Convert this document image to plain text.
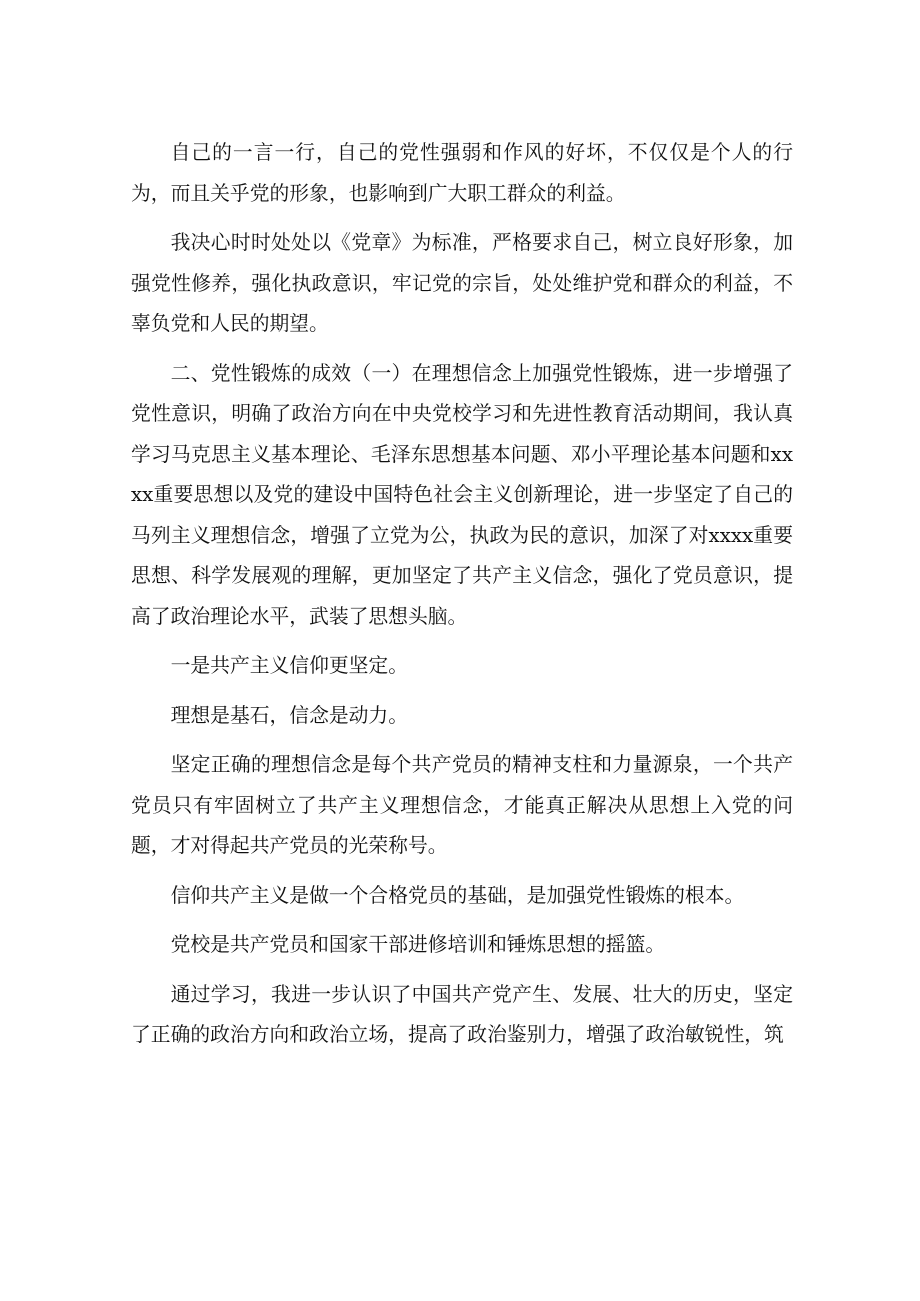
自己的一言一行，自己的党性强弱和作风的好坏，不仅仅是个人的行为，而且关乎党的形象，也影响到广大职工群众的利益。

我决心时时处处以《党章》为标准，严格要求自己，树立良好形象，加强党性修养，强化执政意识，牢记党的宗旨，处处维护党和群众的利益，不辜负党和人民的期望。

二、党性锻炼的成效（一）在理想信念上加强党性锻炼，进一步增强了党性意识，明确了政治方向在中央党校学习和先进性教育活动期间，我认真学习马克思主义基本理论、毛泽东思想基本问题、邓小平理论基本问题和xxxx重要思想以及党的建设中国特色社会主义创新理论，进一步坚定了自己的马列主义理想信念，增强了立党为公，执政为民的意识，加深了对xxxx重要思想、科学发展观的理解，更加坚定了共产主义信念，强化了党员意识，提高了政治理论水平，武装了思想头脑。

一是共产主义信仰更坚定。

理想是基石，信念是动力。

坚定正确的理想信念是每个共产党员的精神支柱和力量源泉，一个共产党员只有牢固树立了共产主义理想信念，才能真正解决从思想上入党的问题，才对得起共产党员的光荣称号。

信仰共产主义是做一个合格党员的基础，是加强党性锻炼的根本。

党校是共产党员和国家干部进修培训和锤炼思想的摇篮。

通过学习，我进一步认识了中国共产党产生、发展、壮大的历史，坚定了正确的政治方向和政治立场，提高了政治鉴别力，增强了政治敏锐性，筑
